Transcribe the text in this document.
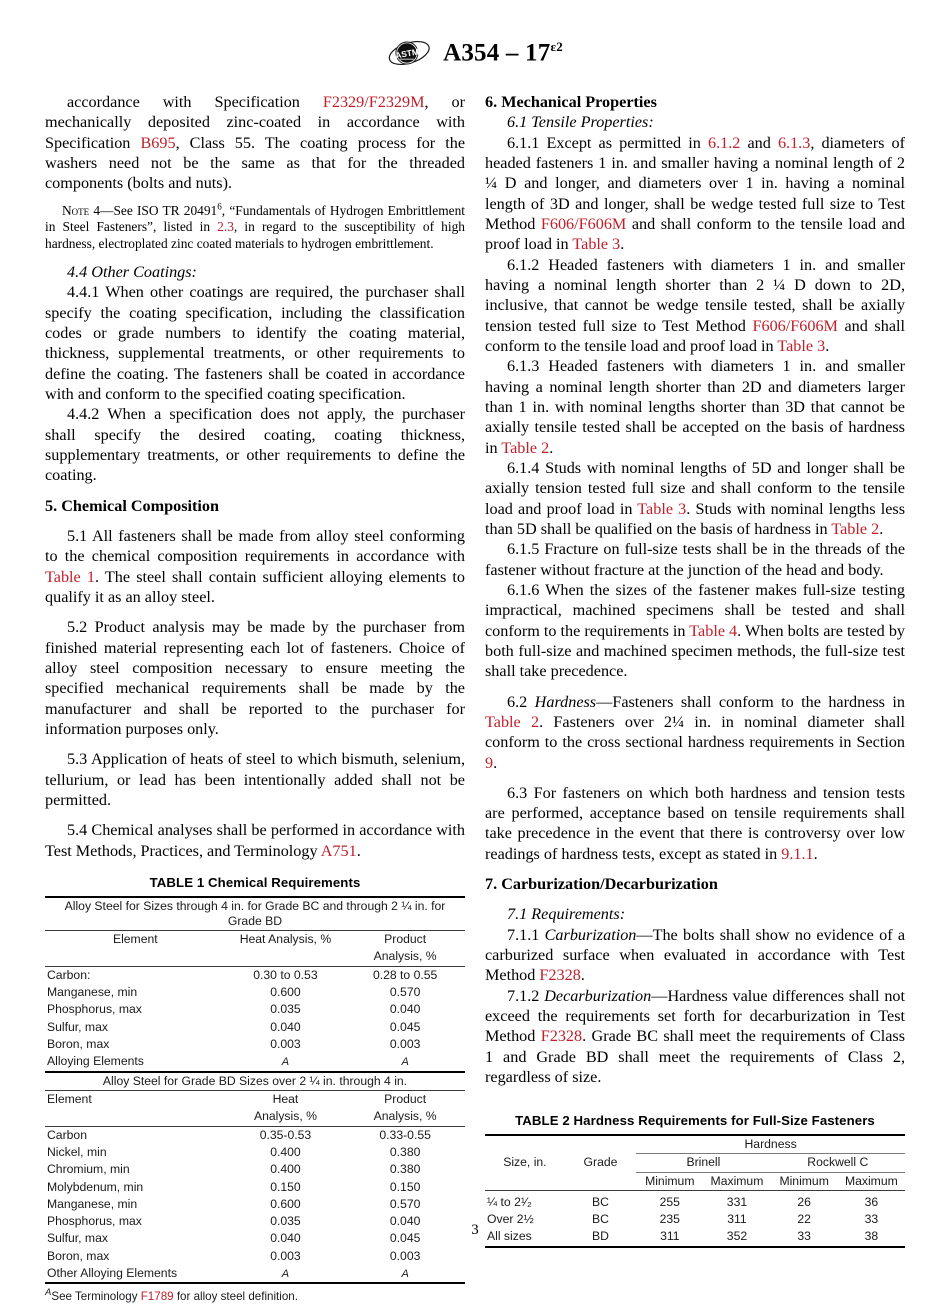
ASTM $A354 - 17^{\varepsilon 2}$

accordance with Specification F2329/F2329M, or mechanically deposited zinc-coated in accordance with Specification B695, Class 55. The coating process for the washers need not be the same as that for the threaded components (bolts and nuts).

Note 4—See ISO TR 20491$^6$, “Fundamentals of Hydrogen Embrittlement in Steel Fasteners”, listed in 2.3, in regard to the susceptibility of high hardness, electroplated zinc coated materials to hydrogen embrittlement.

4.4 Other Coatings:

4.4.1 When other coatings are required, the purchaser shall specify the coating specification, including the classification codes or grade numbers to identify the coating material, thickness, supplemental treatments, or other requirements to define the coating. The fasteners shall be coated in accordance with and conform to the specified coating specification.

4.4.2 When a specification does not apply, the purchaser shall specify the desired coating, coating thickness, supplementary treatments, or other requirements to define the coating.

5. Chemical Composition

5.1 All fasteners shall be made from alloy steel conforming to the chemical composition requirements in accordance with Table 1. The steel shall contain sufficient alloying elements to qualify it as an alloy steel.

5.2 Product analysis may be made by the purchaser from finished material representing each lot of fasteners. Choice of alloy steel composition necessary to ensure meeting the specified mechanical requirements shall be made by the manufacturer and shall be reported to the purchaser for information purposes only.

5.3 Application of heats of steel to which bismuth, selenium, tellurium, or lead has been intentionally added shall not be permitted.

5.4 Chemical analyses shall be performed in accordance with Test Methods, Practices, and Terminology A751.

TABLE 1 Chemical Requirements
Alloy Steel for Sizes through 4 in. for Grade BC and through 2 ¼ in. for Grade BD		
Element	Heat Analysis, %	Product
		Analysis, %
Carbon:	0.30 to 0.53	0.28 to 0.55
Manganese, min	0.600	0.570
Phosphorus, max	0.035	0.040
Sulfur, max	0.040	0.045
Boron, max	0.003	0.003
Alloying Elements	A	A
Alloy Steel for Grade BD Sizes over 2 ¼ in. through 4 in.		
Element	Heat	Product
	Analysis, %	Analysis, %
Carbon	0.35-0.53	0.33-0.55
Nickel, min	0.400	0.380
Chromium, min	0.400	0.380
Molybdenum, min	0.150	0.150
Manganese, min	0.600	0.570
Phosphorus, max	0.035	0.040
Sulfur, max	0.040	0.045
Boron, max	0.003	0.003
Other Alloying Elements	A	A
$^A$See Terminology F1789 for alloy steel definition.
6. Mechanical Properties

6.1 Tensile Properties:

6.1.1 Except as permitted in 6.1.2 and 6.1.3, diameters of headed fasteners 1 in. and smaller having a nominal length of 2 ¼ D and longer, and diameters over 1 in. having a nominal length of 3D and longer, shall be wedge tested full size to Test Method F606/F606M and shall conform to the tensile load and proof load in Table 3.

6.1.2 Headed fasteners with diameters 1 in. and smaller having a nominal length shorter than 2 ¼ D down to 2D, inclusive, that cannot be wedge tensile tested, shall be axially tension tested full size to Test Method F606/F606M and shall conform to the tensile load and proof load in Table 3.

6.1.3 Headed fasteners with diameters 1 in. and smaller having a nominal length shorter than 2D and diameters larger than 1 in. with nominal lengths shorter than 3D that cannot be axially tensile tested shall be accepted on the basis of hardness in Table 2.

6.1.4 Studs with nominal lengths of 5D and longer shall be axially tension tested full size and shall conform to the tensile load and proof load in Table 3. Studs with nominal lengths less than 5D shall be qualified on the basis of hardness in Table 2.

6.1.5 Fracture on full-size tests shall be in the threads of the fastener without fracture at the junction of the head and body.

6.1.6 When the sizes of the fastener makes full-size testing impractical, machined specimens shall be tested and shall conform to the requirements in Table 4. When bolts are tested by both full-size and machined specimen methods, the full-size test shall take precedence.

6.2 Hardness—Fasteners shall conform to the hardness in Table 2. Fasteners over 2¼ in. in nominal diameter shall conform to the cross sectional hardness requirements in Section 9.

6.3 For fasteners on which both hardness and tension tests are performed, acceptance based on tensile requirements shall take precedence in the event that there is controversy over low readings of hardness tests, except as stated in 9.1.1.

7. Carburization/Decarburization

7.1 Requirements:

7.1.1 Carburization—The bolts shall show no evidence of a carburized surface when evaluated in accordance with Test Method F2328.

7.1.2 Decarburization—Hardness value differences shall not exceed the requirements set forth for decarburization in Test Method F2328. Grade BC shall meet the requirements of Class 1 and Grade BD shall meet the requirements of Class 2, regardless of size.

TABLE 2 Hardness Requirements for Full-Size Fasteners
Size, in.	Grade	Hardness			
		Brinell		Rockwell C	
		Minimum	Maximum	Minimum	Maximum
¼ to 2¹⁄₂	BC	255	331	26	36
Over 2½	BC	235	311	22	33
All sizes	BD	311	352	33	38
3
